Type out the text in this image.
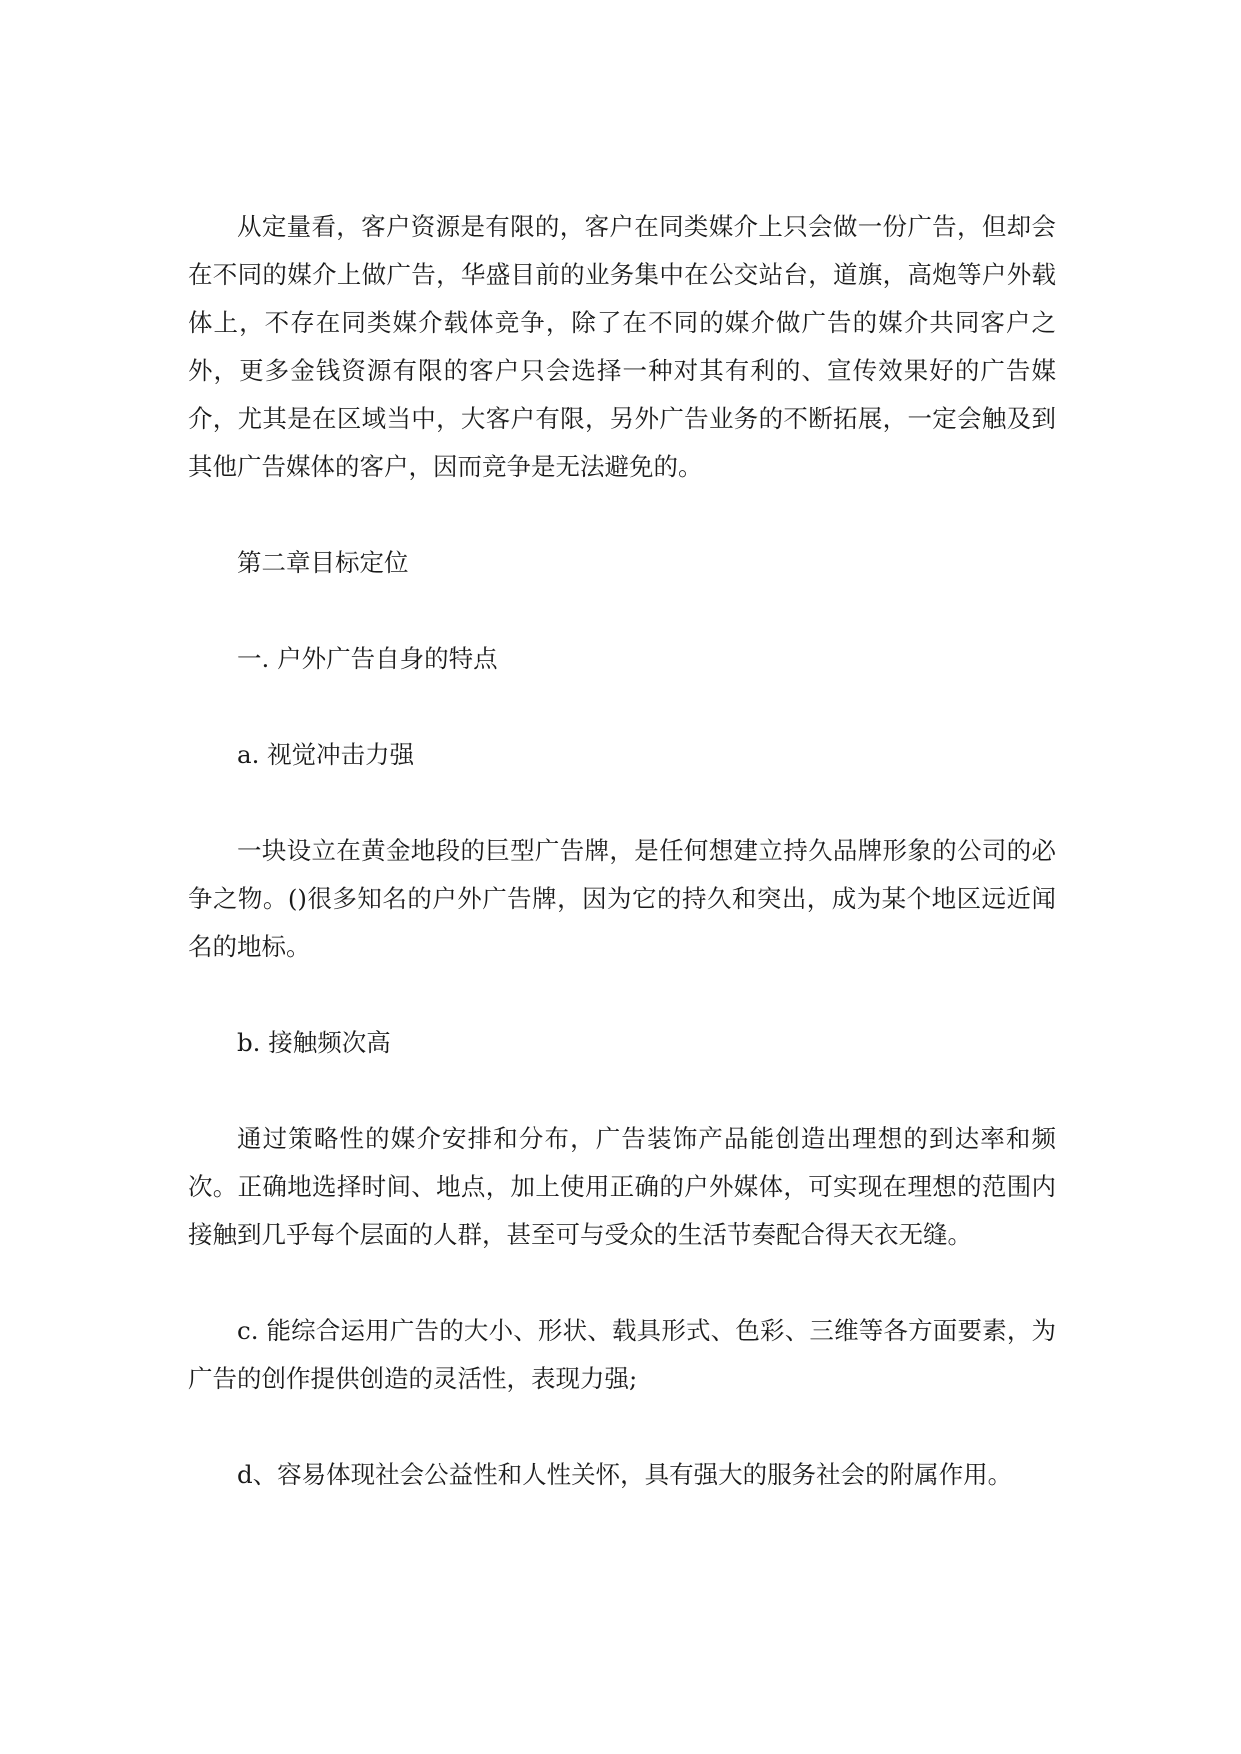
从定量看，客户资源是有限的，客户在同类媒介上只会做一份广告，但却会在不同的媒介上做广告，华盛目前的业务集中在公交站台，道旗，高炮等户外载体上，不存在同类媒介载体竞争，除了在不同的媒介做广告的媒介共同客户之外，更多金钱资源有限的客户只会选择一种对其有利的、宣传效果好的广告媒介，尤其是在区域当中，大客户有限，另外广告业务的不断拓展，一定会触及到其他广告媒体的客户，因而竞争是无法避免的。

第二章目标定位

一. 户外广告自身的特点

a. 视觉冲击力强

一块设立在黄金地段的巨型广告牌，是任何想建立持久品牌形象的公司的必争之物。()很多知名的户外广告牌，因为它的持久和突出，成为某个地区远近闻名的地标。

b. 接触频次高

通过策略性的媒介安排和分布，广告装饰产品能创造出理想的到达率和频次。正确地选择时间、地点，加上使用正确的户外媒体，可实现在理想的范围内接触到几乎每个层面的人群，甚至可与受众的生活节奏配合得天衣无缝。

c. 能综合运用广告的大小、形状、载具形式、色彩、三维等各方面要素，为广告的创作提供创造的灵活性，表现力强;

d、容易体现社会公益性和人性关怀，具有强大的服务社会的附属作用。
